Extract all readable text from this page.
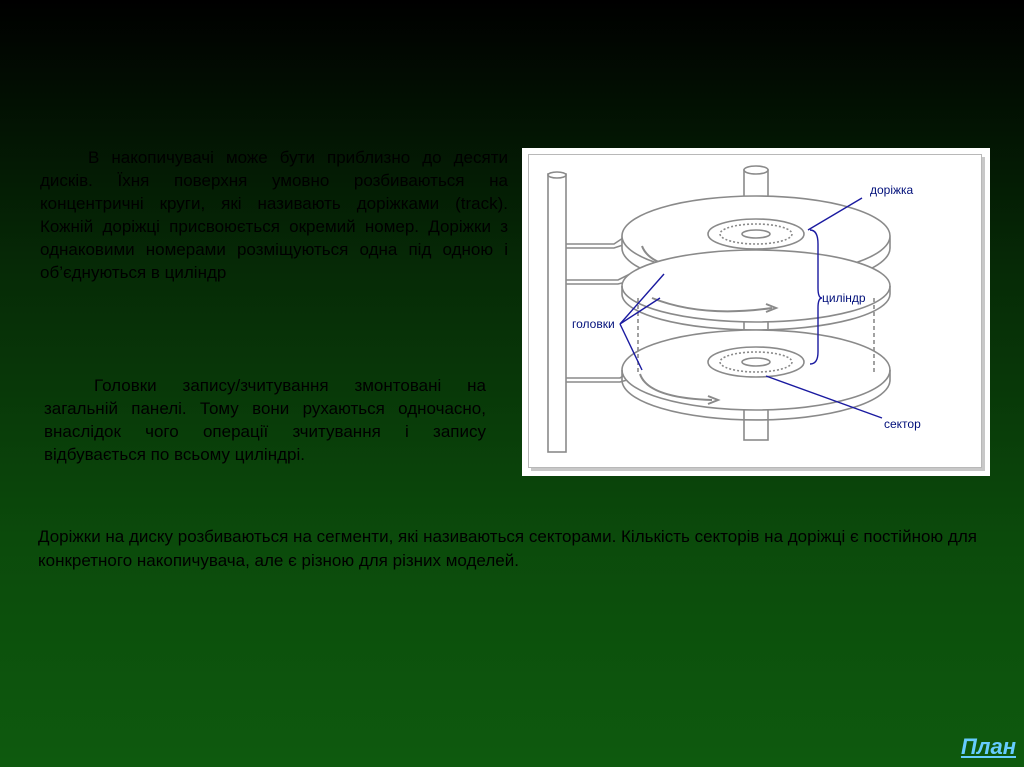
В накопичувачі може бути приблизно до десяти дисків. Їхня поверхня умовно розбиваються на концентричні круги, які називають доріжками (track). Кожній доріжці присвоюється окремий номер. Доріжки з однаковими номерами розміщуються одна під одною і об’єднуються в циліндр
Головки запису/зчитування змонтовані на загальній панелі. Тому вони рухаються одночасно, внаслідок чого операції зчитування і запису відбувається по всьому циліндрі.
Доріжки на диску розбиваються на сегменти, які називаються секторами. Кількість секторів на доріжці є постійною для конкретного накопичувача, але є різною для різних моделей.
доріжка
циліндр
головки
сектор
План
